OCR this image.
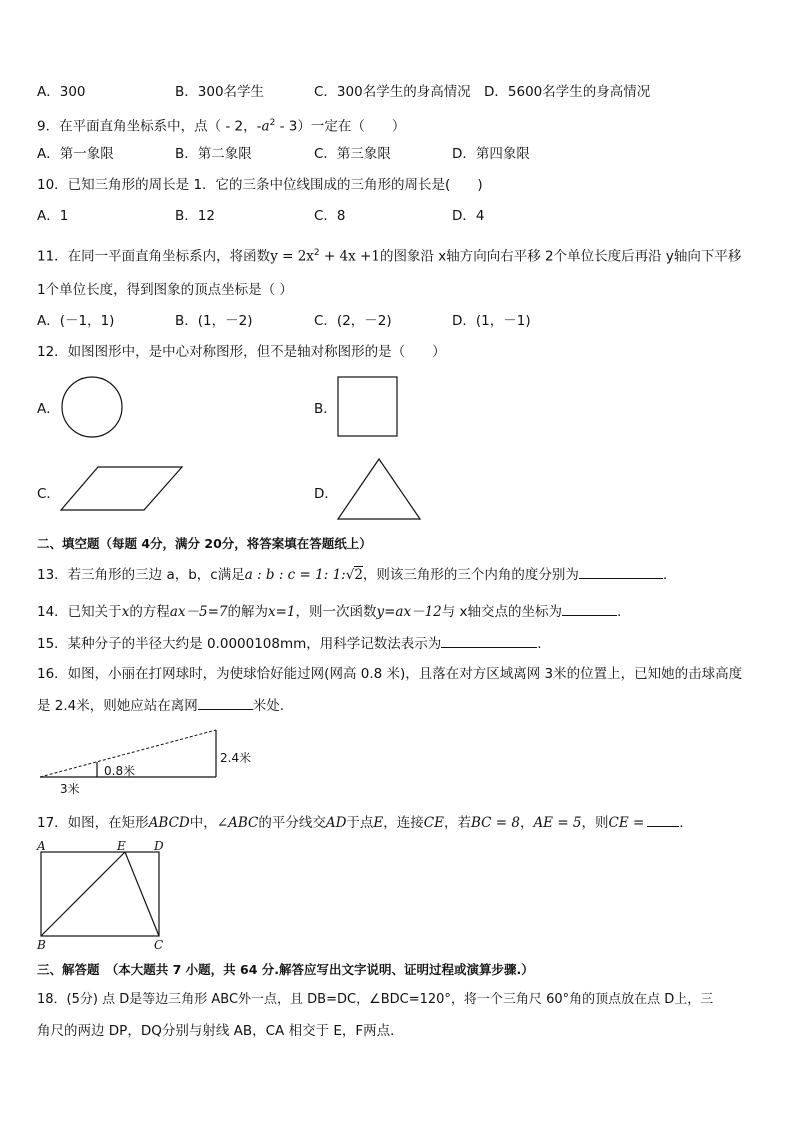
A．300	B．300名学生	C．300名学生的身高情况 D．5600名学生的身高情况
9．在平面直角坐标系中，点（ - 2，$-a^2 - 3$）一定在（　　）
A．第一象限	B．第二象限	C．第三象限	D．第四象限
10．已知三角形的周长是 1．它的三条中位线围成的三角形的周长是(　　)
A．1	B．12	C．8	D．4
11．在同一平面直角坐标系内，将函数$y = 2x^2 + 4x +1$的图象沿 x轴方向向右平移 2个单位长度后再沿 y轴向下平移
1个单位长度，得到图象的顶点坐标是（ ）
A．(－1，1)	B．(1，－2)	C．(2，－2)	D．(1，－1)
12．如图图形中，是中心对称图形，但不是轴对称图形的是（　　）
A．	B．
C．	D．
二、填空题（每题 4分，满分 20分，将答案填在答题纸上）
13．若三角形的三边 a，b，c满足a : b : c = 1: 1:√2，则该三角形的三个内角的度分别为	.
14．已知关于x的方程ax－5=7的解为x=1，则一次函数y=ax－12与 x轴交点的坐标为	.
15．某种分子的半径大约是 0.0000108mm，用科学记数法表示为	.
16．如图，小丽在打网球时，为使球恰好能过网(网高 0.8 米)，且落在对方区域离网 3米的位置上，已知她的击球高度
是 2.4米，则她应站在离网	米处.
0.8米
2.4米
3米
17．如图，在矩形ABCD中，∠ABC的平分线交AD于点E，连接CE，若BC = 8，AE = 5，则CE =	．
A	E D
B	C
三、解答题　（本大题共 7 小题，共 64 分.解答应写出文字说明、证明过程或演算步骤.）
18．(5分) 点 D是等边三角形 ABC外一点，且 DB=DC，∠BDC=120°，将一个三角尺 60°角的顶点放在点 D上，三
角尺的两边 DP，DQ分别与射线 AB，CA 相交于 E，F两点．
